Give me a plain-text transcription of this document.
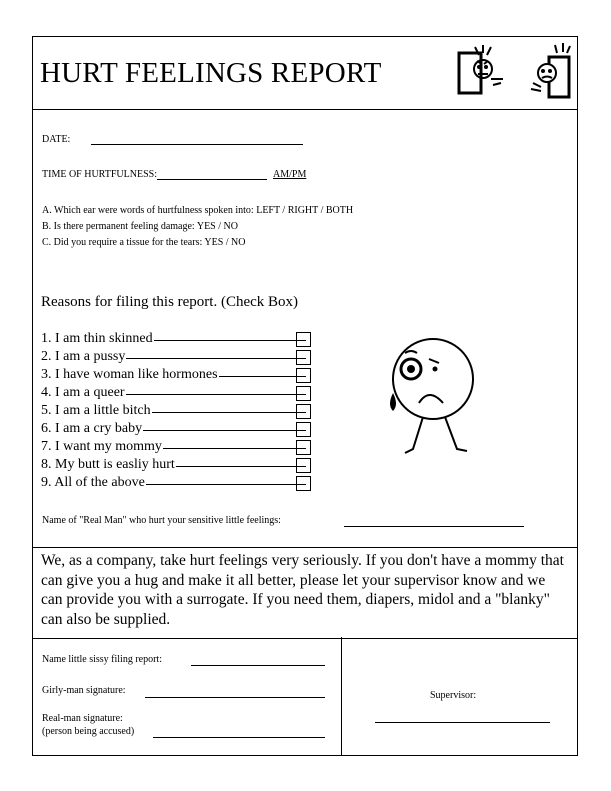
HURT FEELINGS REPORT
DATE:
TIME OF HURTFULNESS:	AM/PM
A. Which ear were words of hurtfulness spoken into: LEFT / RIGHT / BOTH
B. Is there permanent feeling damage: YES / NO
C. Did you require a tissue for the tears: YES / NO
Reasons for filing this report. (Check Box)
1. I am thin skinned
2. I am a pussy
3. I have woman like hormones
4. I am a queer
5. I am a little bitch
6. I am a cry baby
7. I want my mommy
8. My butt is easliy hurt
9. All of the above
Name of "Real Man" who hurt your sensitive little feelings:

We, as a company, take hurt feelings very seriously. If you don't have a mommy that can give you a hug and make it all better, please let your supervisor know and we can provide you with a surrogate. If you need them, diapers, midol and a "blanky" can also be supplied.

Name little sissy filing report:
Girly-man signature:
Real-man signature:
(person being accused)
Supervisor:
